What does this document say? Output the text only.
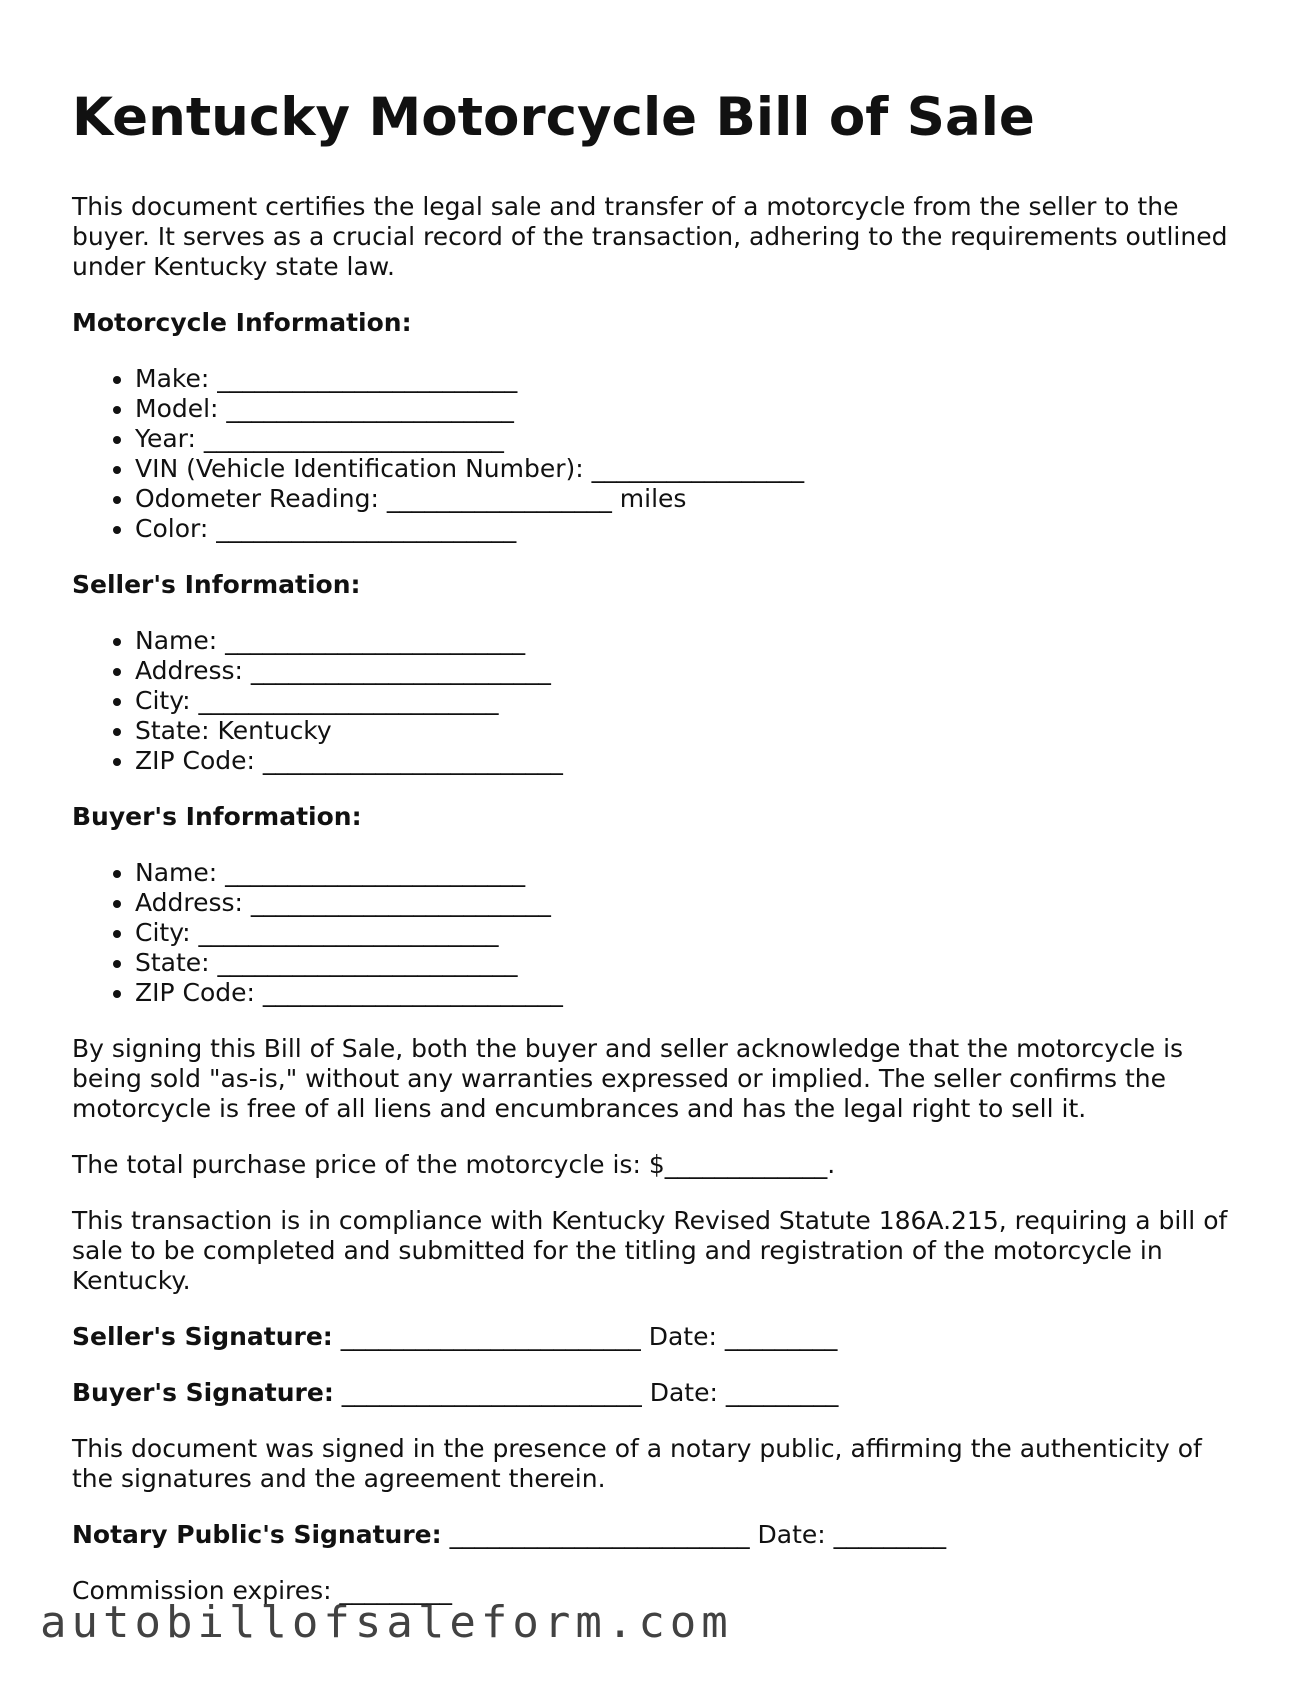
Kentucky Motorcycle Bill of Sale

This document certifies the legal sale and transfer of a motorcycle from the seller to the buyer. It serves as a crucial record of the transaction, adhering to the requirements outlined under Kentucky state law.

Motorcycle Information:

• Make: ________________________
• Model: _______________________
• Year: ________________________
• VIN (Vehicle Identification Number): _________________
• Odometer Reading: __________________ miles
• Color: ________________________

Seller's Information:

• Name: ________________________
• Address: ________________________
• City: ________________________
• State: Kentucky
• ZIP Code: ________________________

Buyer's Information:

• Name: ________________________
• Address: ________________________
• City: ________________________
• State: ________________________
• ZIP Code: ________________________

By signing this Bill of Sale, both the buyer and seller acknowledge that the motorcycle is being sold "as-is," without any warranties expressed or implied. The seller confirms the motorcycle is free of all liens and encumbrances and has the legal right to sell it.

The total purchase price of the motorcycle is: $_____________.

This transaction is in compliance with Kentucky Revised Statute 186A.215, requiring a bill of sale to be completed and submitted for the titling and registration of the motorcycle in Kentucky.

Seller's Signature: ________________________ Date: _________

Buyer's Signature: ________________________ Date: _________

This document was signed in the presence of a notary public, affirming the authenticity of the signatures and the agreement therein.

Notary Public's Signature: ________________________ Date: _________

Commission expires: _________

autobillofsaleform.com
